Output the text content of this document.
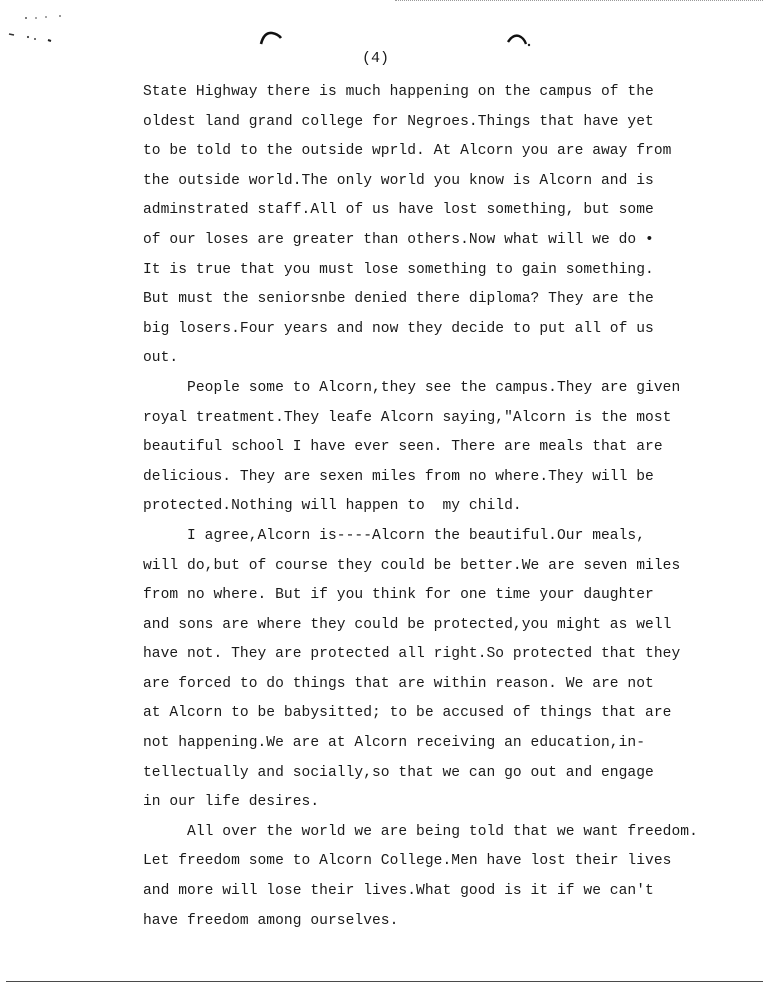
(4)
State Highway there is much happening on the campus of the
oldest land grand college for Negroes.Things that have yet
to be told to the outside wprld. At Alcorn you are away from
the outside world.The only world you know is Alcorn and is
adminstrated staff.All of us have lost something, but some
of our loses are greater than others.Now what will we do •
It is true that you must lose something to gain something.
But must the seniorsnbe denied there diploma? They are the
big losers.Four years and now they decide to put all of us
out.
People some to Alcorn,they see the campus.They are given
royal treatment.They leafe Alcorn saying,"Alcorn is the most
beautiful school I have ever seen. There are meals that are
delicious. They are sexen miles from no where.They will be
protected.Nothing will happen to  my child.
I agree,Alcorn is----Alcorn the beautiful.Our meals,
will do,but of course they could be better.We are seven miles
from no where. But if you think for one time your daughter
and sons are where they could be protected,you might as well
have not. They are protected all right.So protected that they
are forced to do things that are within reason. We are not
at Alcorn to be babysitted; to be accused of things that are
not happening.We are at Alcorn receiving an education,in-
tellectually and socially,so that we can go out and engage
in our life desires.
All over the world we are being told that we want freedom.
Let freedom some to Alcorn College.Men have lost their lives
and more will lose their lives.What good is it if we can't
have freedom among ourselves.
